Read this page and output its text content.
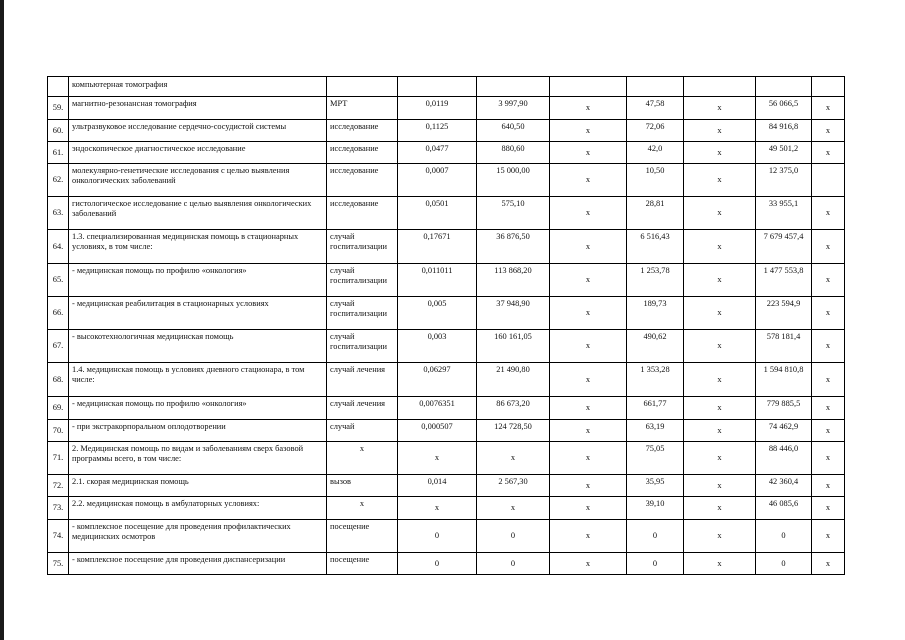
	компьютерная томография								
59.	магнитно-резонансная томография	МРТ	0,0119	3 997,90	х	47,58	х	56 066,5	х
60.	ультразвуковое исследование сердечно-сосудистой системы	исследование	0,1125	640,50	х	72,06	х	84 916,8	х
61.	эндоскопическое диагностическое исследование	исследование	0,0477	880,60	х	42,0	х	49 501,2	х
62.	молекулярно-генетические исследования с целью выявления онкологических заболеваний	исследование	0,0007	15 000,00	х	10,50	х	12 375,0	
63.	гистологическое исследование с целью выявления онкологических заболеваний	исследование	0,0501	575,10	х	28,81	х	33 955,1	х
64.	1.3. специализированная медицинская помощь в стационарных условиях, в том числе:	случай госпитализации	0,17671	36 876,50	х	6 516,43	х	7 679 457,4	х
65.	- медицинская помощь по профилю «онкология»	случай госпитализации	0,011011	113 868,20	х	1 253,78	х	1 477 553,8	х
66.	- медицинская реабилитация в стационарных условиях	случай госпитализации	0,005	37 948,90	х	189,73	х	223 594,9	х
67.	- высокотехнологичная медицинская помощь	случай госпитализации	0,003	160 161,05	х	490,62	х	578 181,4	х
68.	1.4. медицинская помощь в условиях дневного стационара, в том числе:	случай лечения	0,06297	21 490,80	х	1 353,28	х	1 594 810,8	х
69.	- медицинская помощь по профилю «онкология»	случай лечения	0,0076351	86 673,20	х	661,77	х	779 885,5	х
70.	- при экстракорпоральном оплодотворении	случай	0,000507	124 728,50	х	63,19	х	74 462,9	х
71.	2. Медицинская помощь по видам и заболеваниям сверх базовой программы всего, в том числе:	х	х	х	х	75,05	х	88 446,0	х
72.	2.1. скорая медицинская помощь	вызов	0,014	2 567,30	х	35,95	х	42 360,4	х
73.	2.2. медицинская помощь в амбулаторных условиях:	х	х	х	х	39,10	х	46 085,6	х
74.	- комплексное посещение для проведения профилактических медицинских осмотров	посещение	0	0	х	0	х	0	х
75.	- комплексное посещение для проведения диспансеризации	посещение	0	0	х	0	х	0	х
